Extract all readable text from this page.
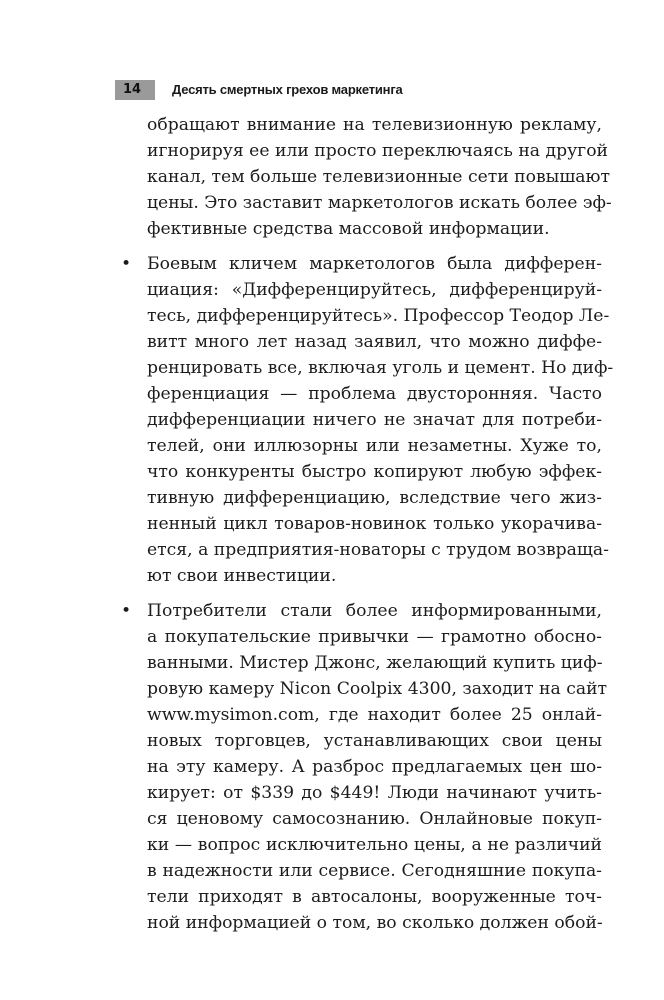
14	Десять смертных грехов маркетинга
обращают внимание на телевизионную рекламу,
игнорируя ее или просто переключаясь на другой
канал, тем больше телевизионные сети повышают
цены. Это заставит маркетологов искать более эф-
фективные средства массовой информации.
• Боевым кличем маркетологов была дифферен-
циация: «Дифференцируйтесь, дифференцируй-
тесь, дифференцируйтесь». Профессор Теодор Ле-
витт много лет назад заявил, что можно диффе-
ренцировать все, включая уголь и цемент. Но диф-
ференциация — проблема двусторонняя. Часто
дифференциации ничего не значат для потреби-
телей, они иллюзорны или незаметны. Хуже то,
что конкуренты быстро копируют любую эффек-
тивную дифференциацию, вследствие чего жиз-
ненный цикл товаров-новинок только укорачива-
ется, а предприятия-новаторы с трудом возвраща-
ют свои инвестиции.
• Потребители стали более информированными,
а покупательские привычки — грамотно обосно-
ванными. Мистер Джонс, желающий купить циф-
ровую камеру Nicon Coolpix 4300, заходит на сайт
www.mysimon.com, где находит более 25 онлай-
новых торговцев, устанавливающих свои цены
на эту камеру. А разброс предлагаемых цен шо-
кирует: от $339 до $449! Люди начинают учить-
ся ценовому самосознанию. Онлайновые покуп-
ки — вопрос исключительно цены, а не различий
в надежности или сервисе. Сегодняшние покупа-
тели приходят в автосалоны, вооруженные точ-
ной информацией о том, во сколько должен обой-
